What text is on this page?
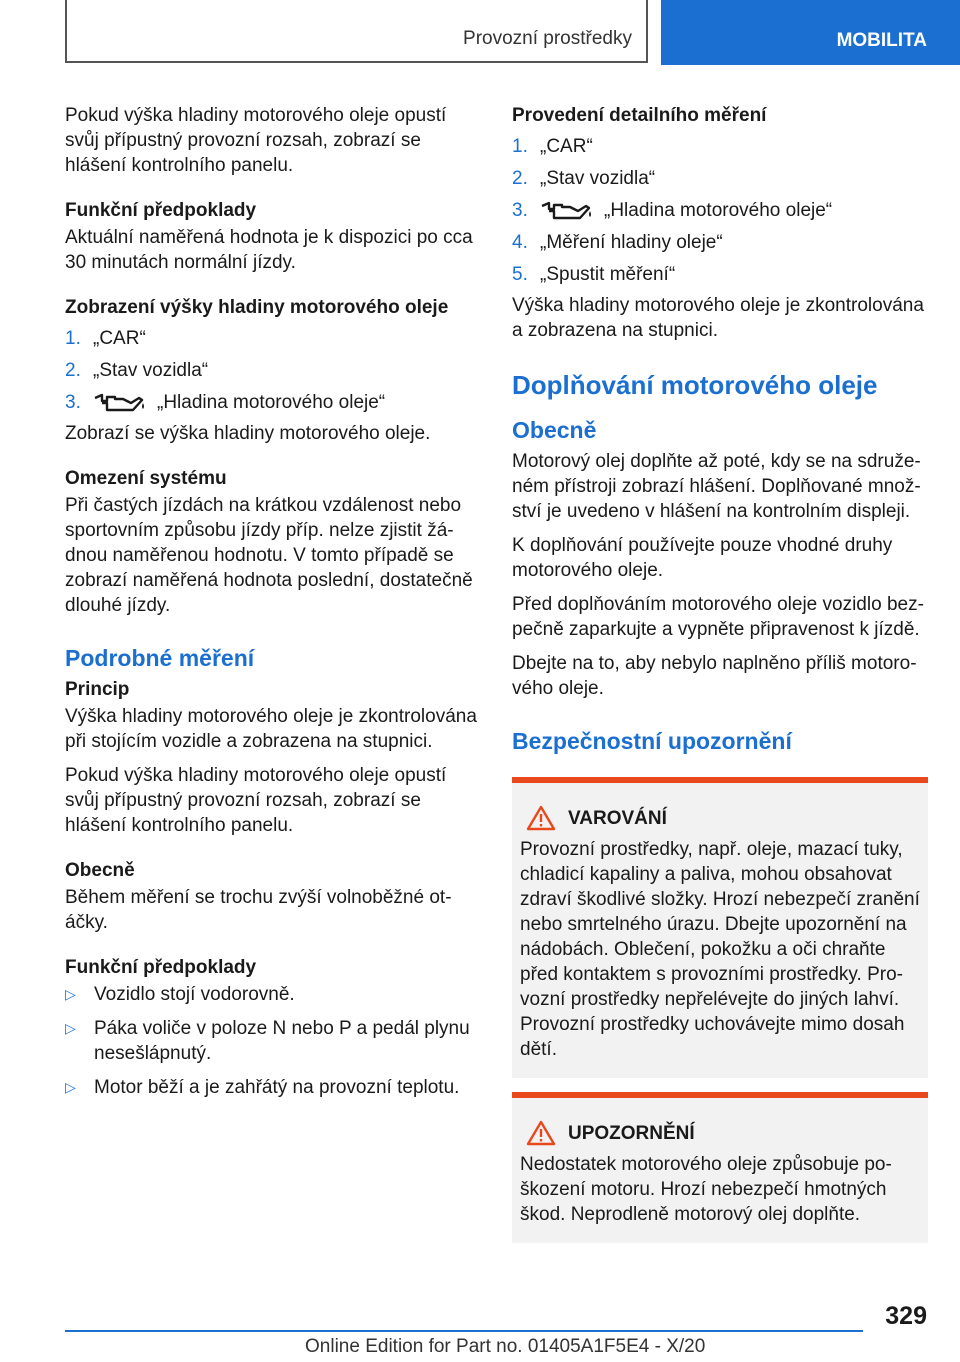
Provozní prostředky	MOBILITA

Pokud výška hladiny motorového oleje opustí svůj přípustný provozní rozsah, zobrazí se hlášení kontrolního panelu.

Funkční předpoklady

Aktuální naměřená hodnota je k dispozici po cca 30 minutách normální jízdy.

Zobrazení výšky hladiny motorového oleje

1. „CAR“
2. „Stav vozidla“
3.	„Hladina motorového oleje“

Zobrazí se výška hladiny motorového oleje.

Omezení systému

Při častých jízdách na krátkou vzdálenost nebo sportovním způsobu jízdy příp. nelze zjistit žádnou naměřenou hodnotu. V tomto případě se zobrazí naměřená hodnota poslední, dostatečně dlouhé jízdy.

Podrobné měření

Princip

Výška hladiny motorového oleje je zkontrolována při stojícím vozidle a zobrazena na stupnici.

Pokud výška hladiny motorového oleje opustí svůj přípustný provozní rozsah, zobrazí se hlášení kontrolního panelu.

Obecně

Během měření se trochu zvýší volnoběžné otáčky.

Funkční předpoklady

▷ Vozidlo stojí vodorovně.
▷ Páka voliče v poloze N nebo P a pedál plynu nesešlápnutý.
▷ Motor běží a je zahřátý na provozní teplotu.

Provedení detailního měření

1. „CAR“
2. „Stav vozidla“
3.	„Hladina motorového oleje“
4. „Měření hladiny oleje“
5. „Spustit měření“

Výška hladiny motorového oleje je zkontrolována a zobrazena na stupnici.

Doplňování motorového oleje

Obecně

Motorový olej doplňte až poté, kdy se na sdruženém přístroji zobrazí hlášení. Doplňované množství je uvedeno v hlášení na kontrolním displeji.

K doplňování používejte pouze vhodné druhy motorového oleje.

Před doplňováním motorového oleje vozidlo bezpečně zaparkujte a vypněte připravenost k jízdě.

Dbejte na to, aby nebylo naplněno příliš motorového oleje.

Bezpečnostní upozornění

VAROVÁNÍ

Provozní prostředky, např. oleje, mazací tuky, chladicí kapaliny a paliva, mohou obsahovat zdraví škodlivé složky. Hrozí nebezpečí zranění nebo smrtelného úrazu. Dbejte upozornění na nádobách. Oblečení, pokožku a oči chraňte před kontaktem s provozními prostředky. Provozní prostředky nepřelévejte do jiných lahví. Provozní prostředky uchovávejte mimo dosah dětí.

UPOZORNĚNÍ

Nedostatek motorového oleje způsobuje poškození motoru. Hrozí nebezpečí hmotných škod. Neprodleně motorový olej doplňte.

329
Online Edition for Part no. 01405A1F5E4 - X/20
